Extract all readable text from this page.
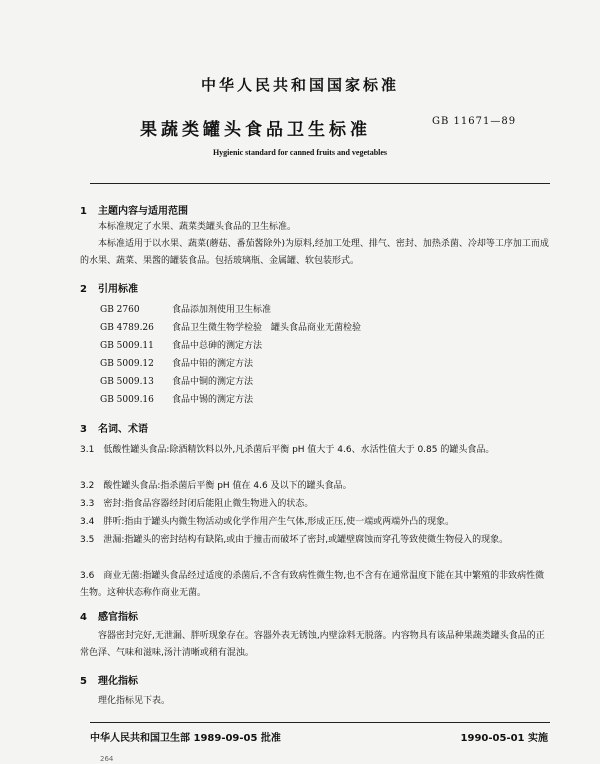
中华人民共和国国家标准
果蔬类罐头食品卫生标准	GB 11671—89
Hygienic standard for canned fruits and vegetables
1 主题内容与适用范围
本标准规定了水果、蔬菜类罐头食品的卫生标准。
本标准适用于以水果、蔬菜(蘑菇、番茄酱除外)为原料,经加工处理、排气、密封、加热杀菌、冷却等工序加工而成的水果、蔬菜、果酱的罐装食品。包括玻璃瓶、金属罐、软包装形式。
2 引用标准
GB 2760	食品添加剂使用卫生标准
GB 4789.26 食品卫生微生物学检验　罐头食品商业无菌检验
GB 5009.11 食品中总砷的测定方法
GB 5009.12 食品中铅的测定方法
GB 5009.13 食品中铜的测定方法
GB 5009.16 食品中锡的测定方法
3 名词、术语
3.1　低酸性罐头食品:除酒精饮料以外,凡杀菌后平衡 pH 值大于 4.6、水活性值大于 0.85 的罐头食品。
3.2　酸性罐头食品:指杀菌后平衡 pH 值在 4.6 及以下的罐头食品。
3.3　密封:指食品容器经封闭后能阻止微生物进入的状态。
3.4　胖听:指由于罐头内微生物活动或化学作用产生气体,形成正压,使一端或两端外凸的现象。
3.5　泄漏:指罐头的密封结构有缺陷,或由于撞击而破坏了密封,或罐壁腐蚀而穿孔等致使微生物侵入的现象。
3.6　商业无菌:指罐头食品经过适度的杀菌后,不含有致病性微生物,也不含有在通常温度下能在其中繁殖的非致病性微生物。这种状态称作商业无菌。
4 感官指标
容器密封完好,无泄漏、胖听现象存在。容器外表无锈蚀,内壁涂料无脱落。内容物具有该品种果蔬类罐头食品的正常色泽、气味和滋味,汤汁清晰或稍有混浊。
5 理化指标
理化指标见下表。
中华人民共和国卫生部 1989-09-05 批准	1990-05-01 实施
264
